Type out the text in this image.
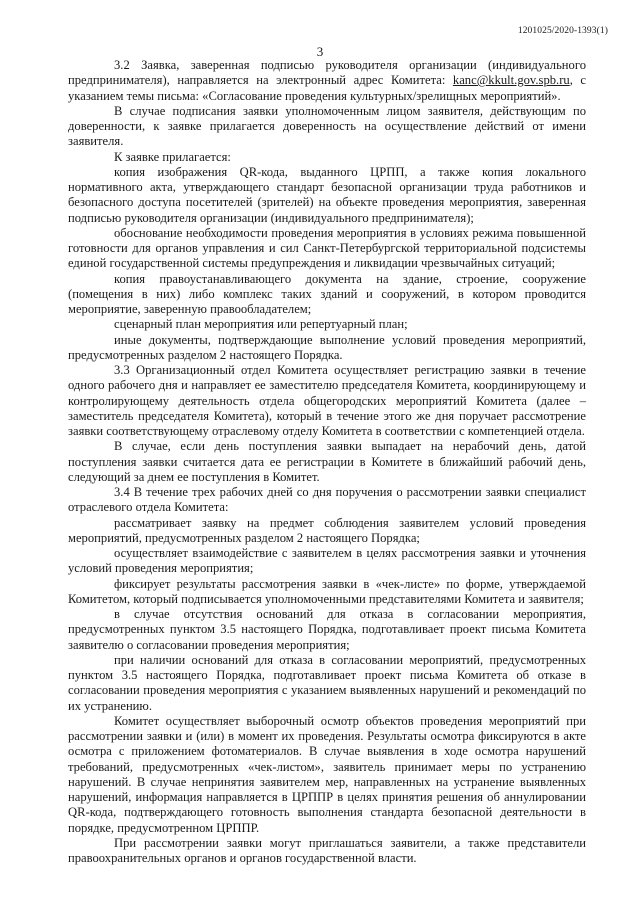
1201025/2020-1393(1)
3

3.2 Заявка, заверенная подписью руководителя организации (индивидуального предпринимателя), направляется на электронный адрес Комитета: kanc@kkult.gov.spb.ru, с указанием темы письма: «Согласование проведения культурных/зрелищных мероприятий».

В случае подписания заявки уполномоченным лицом заявителя, действующим по доверенности, к заявке прилагается доверенность на осуществление действий от имени заявителя.

К заявке прилагается:

копия изображения QR-кода, выданного ЦРПП, а также копия локального нормативного акта, утверждающего стандарт безопасной организации труда работников и безопасного доступа посетителей (зрителей) на объекте проведения мероприятия, заверенная подписью руководителя организации (индивидуального предпринимателя);

обоснование необходимости проведения мероприятия в условиях режима повышенной готовности для органов управления и сил Санкт-Петербургской территориальной подсистемы единой государственной системы предупреждения и ликвидации чрезвычайных ситуаций;

копия правоустанавливающего документа на здание, строение, сооружение (помещения в них) либо комплекс таких зданий и сооружений, в котором проводится мероприятие, заверенную правообладателем;

сценарный план мероприятия или репертуарный план;

иные документы, подтверждающие выполнение условий проведения мероприятий, предусмотренных разделом 2 настоящего Порядка.

3.3 Организационный отдел Комитета осуществляет регистрацию заявки в течение одного рабочего дня и направляет ее заместителю председателя Комитета, координирующему и контролирующему деятельность отдела общегородских мероприятий Комитета (далее – заместитель председателя Комитета), который в течение этого же дня поручает рассмотрение заявки соответствующему отраслевому отделу Комитета в соответствии с компетенцией отдела.

В случае, если день поступления заявки выпадает на нерабочий день, датой поступления заявки считается дата ее регистрации в Комитете в ближайший рабочий день, следующий за днем ее поступления в Комитет.

3.4 В течение трех рабочих дней со дня поручения о рассмотрении заявки специалист отраслевого отдела Комитета:

рассматривает заявку на предмет соблюдения заявителем условий проведения мероприятий, предусмотренных разделом 2 настоящего Порядка;

осуществляет взаимодействие с заявителем в целях рассмотрения заявки и уточнения условий проведения мероприятия;

фиксирует результаты рассмотрения заявки в «чек-листе» по форме, утверждаемой Комитетом, который подписывается уполномоченными представителями Комитета и заявителя;

в случае отсутствия оснований для отказа в согласовании мероприятия, предусмотренных пунктом 3.5 настоящего Порядка, подготавливает проект письма Комитета заявителю о согласовании проведения мероприятия;

при наличии оснований для отказа в согласовании мероприятий, предусмотренных пунктом 3.5 настоящего Порядка, подготавливает проект письма Комитета об отказе в согласовании проведения мероприятия с указанием выявленных нарушений и рекомендаций по их устранению.

Комитет осуществляет выборочный осмотр объектов проведения мероприятий при рассмотрении заявки и (или) в момент их проведения. Результаты осмотра фиксируются в акте осмотра с приложением фотоматериалов. В случае выявления в ходе осмотра нарушений требований, предусмотренных «чек-листом», заявитель принимает меры по устранению нарушений. В случае непринятия заявителем мер, направленных на устранение выявленных нарушений, информация направляется в ЦРППР в целях принятия решения об аннулировании QR-кода, подтверждающего готовность выполнения стандарта безопасной деятельности в порядке, предусмотренном ЦРППР.

При рассмотрении заявки могут приглашаться заявители, а также представители правоохранительных органов и органов государственной власти.
